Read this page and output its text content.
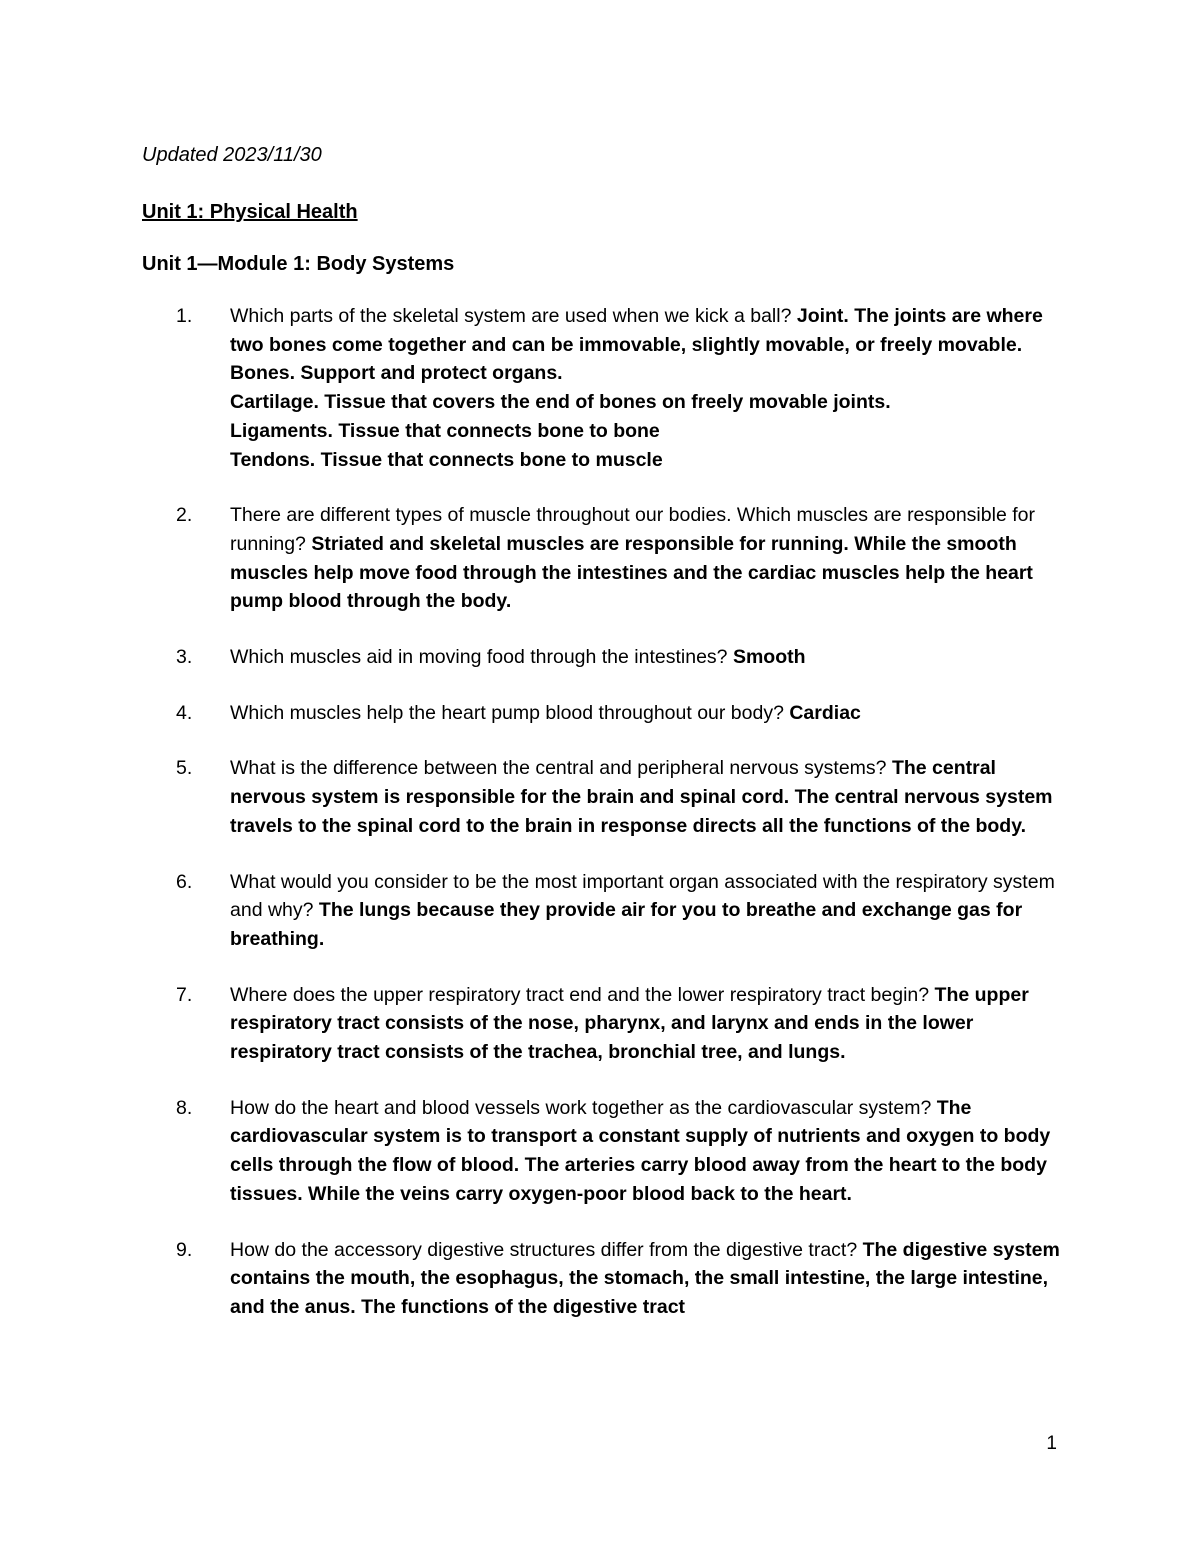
Updated 2023/11/30

Unit 1: Physical Health

Unit 1—Module 1: Body Systems

1.	Which parts of the skeletal system are used when we kick a ball? Joint. The joints are where two bones come together and can be immovable, slightly movable, or freely movable.
Bones. Support and protect organs.
Cartilage. Tissue that covers the end of bones on freely movable joints.
Ligaments. Tissue that connects bone to bone
Tendons. Tissue that connects bone to muscle
2.	There are different types of muscle throughout our bodies. Which muscles are responsible for running? Striated and skeletal muscles are responsible for running. While the smooth muscles help move food through the intestines and the cardiac muscles help the heart pump blood through the body.
3.	Which muscles aid in moving food through the intestines? Smooth
4.	Which muscles help the heart pump blood throughout our body? Cardiac
5.	What is the difference between the central and peripheral nervous systems? The central nervous system is responsible for the brain and spinal cord. The central nervous system travels to the spinal cord to the brain in response directs all the functions of the body.
6.	What would you consider to be the most important organ associated with the respiratory system and why? The lungs because they provide air for you to breathe and exchange gas for breathing.
7.	Where does the upper respiratory tract end and the lower respiratory tract begin? The upper respiratory tract consists of the nose, pharynx, and larynx and ends in the lower respiratory tract consists of the trachea, bronchial tree, and lungs.
8.	How do the heart and blood vessels work together as the cardiovascular system? The cardiovascular system is to transport a constant supply of nutrients and oxygen to body cells through the flow of blood. The arteries carry blood away from the heart to the body tissues. While the veins carry oxygen-poor blood back to the heart.
9.	How do the accessory digestive structures differ from the digestive tract? The digestive system contains the mouth, the esophagus, the stomach, the small intestine, the large intestine, and the anus. The functions of the digestive tract

1
